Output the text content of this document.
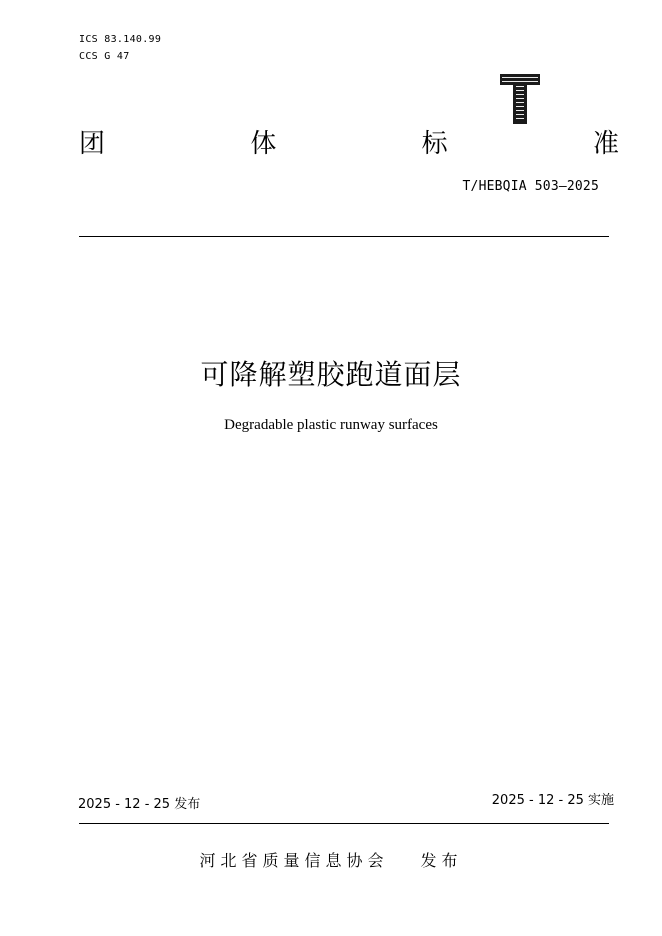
ICS 83.140.99
CCS G 47
团	体	标	准
T/HEBQIA 503—2025
可降解塑胶跑道面层
Degradable plastic runway surfaces
2025 - 12 - 25 发布	2025 - 12 - 25 实施
河北省质量信息协会 发布
